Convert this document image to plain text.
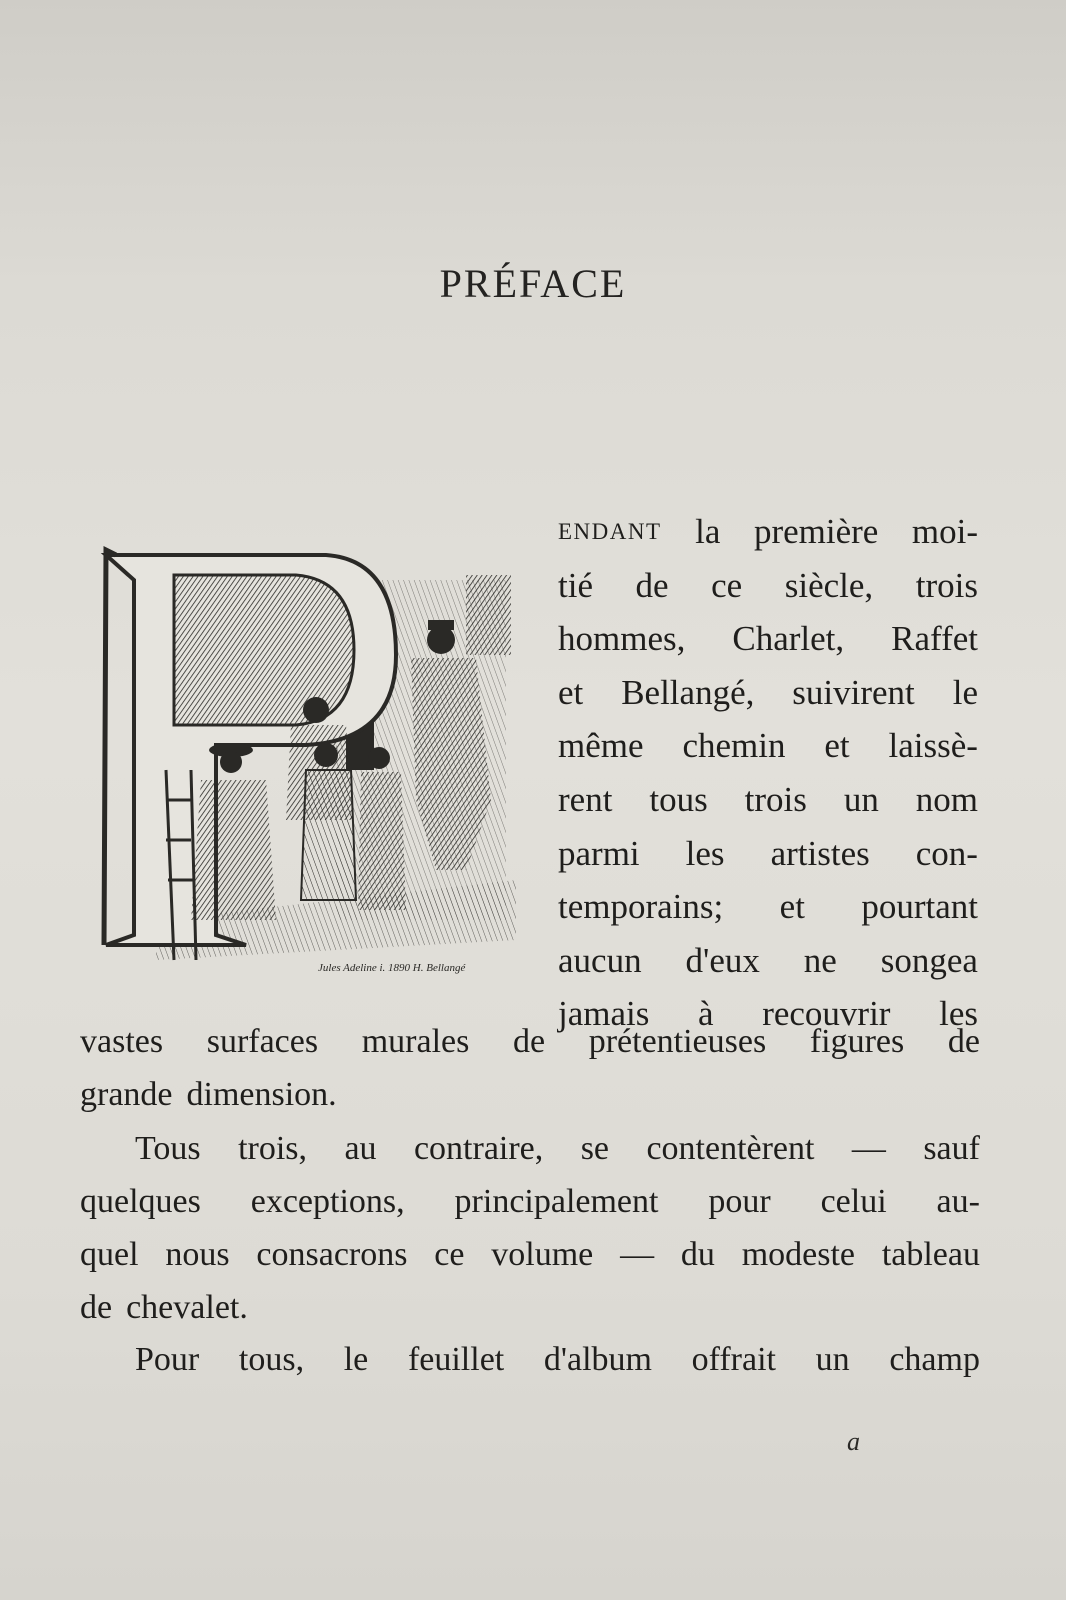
PRÉFACE
Jules Adeline i. 1890 H. Bellangé
ENDANT la première moi-
tié de ce siècle, trois
hommes, Charlet, Raffet
et Bellangé, suivirent le
même chemin et laissè-
rent tous trois un nom
parmi les artistes con-
temporains; et pourtant
aucun d'eux ne songea
jamais à recouvrir les
vastes surfaces murales de prétentieuses figures de
grande dimension.
Tous trois, au contraire, se contentèrent — sauf
quelques exceptions, principalement pour celui au-
quel nous consacrons ce volume — du modeste tableau
de chevalet.
Pour tous, le feuillet d'album offrait un champ
a
